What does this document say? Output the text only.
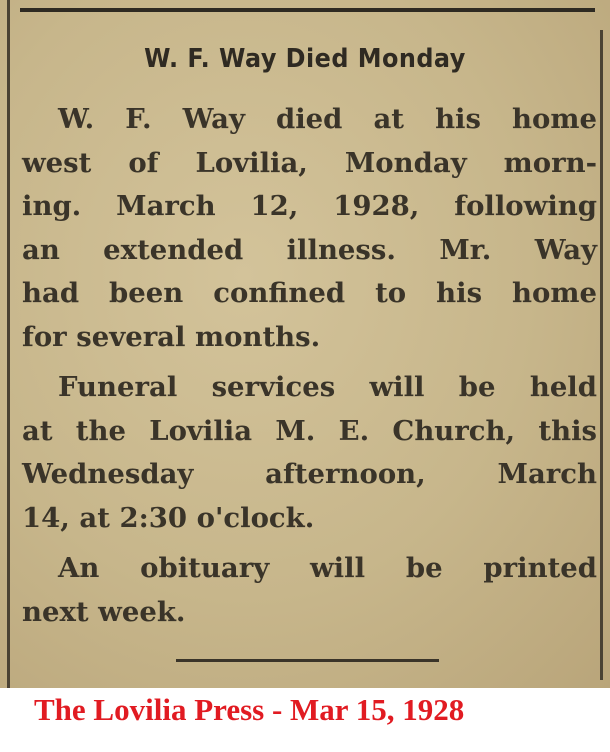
W. F. Way Died Monday
W. F. Way died at his home
west of Lovilia, Monday morn-
ing. March 12, 1928, following
an extended illness. Mr. Way
had been confined to his home
for several months.
Funeral services will be held
at the Lovilia M. E. Church, this
Wednesday afternoon, March
14, at 2:30 o'clock.
An obituary will be printed
next week.
The Lovilia Press - Mar 15, 1928
